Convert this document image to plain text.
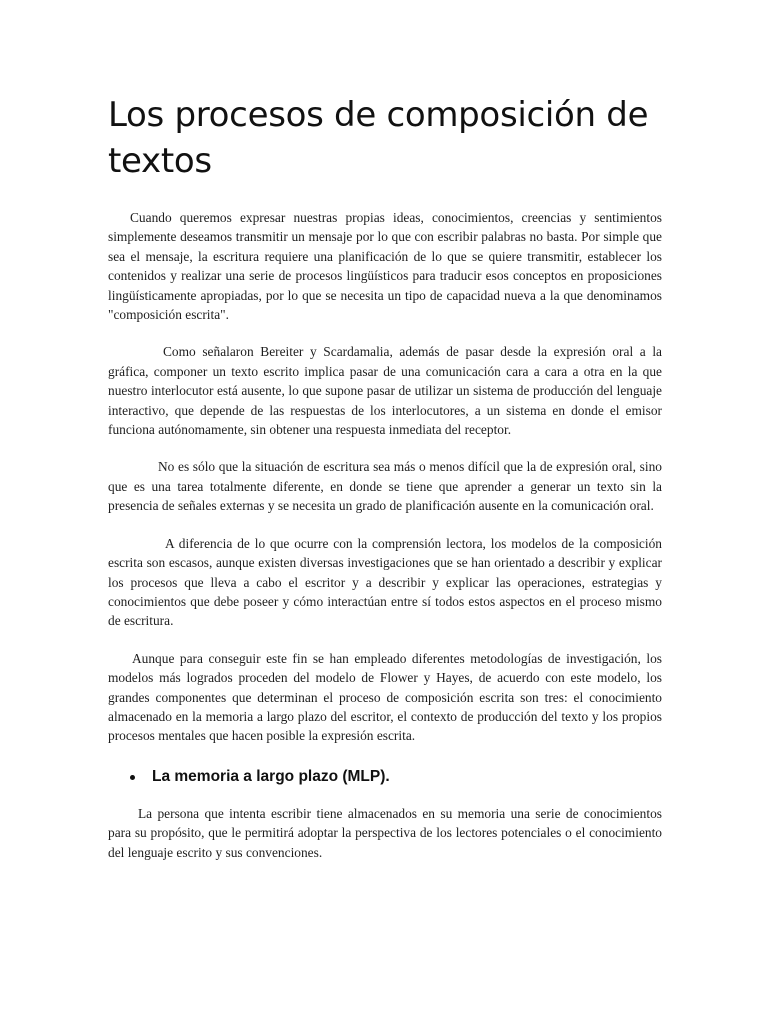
Los procesos de composición de textos

Cuando queremos expresar nuestras propias ideas, conocimientos, creencias y sentimientos simplemente deseamos transmitir un mensaje por lo que con escribir palabras no basta. Por simple que sea el mensaje, la escritura requiere una planificación de lo que se quiere transmitir, establecer los contenidos y realizar una serie de procesos lingüísticos para traducir esos conceptos en proposiciones lingüísticamente apropiadas, por lo que se necesita un tipo de capacidad nueva a la que denominamos "composición escrita".

Como señalaron Bereiter y Scardamalia, además de pasar desde la expresión oral a la gráfica, componer un texto escrito implica pasar de una comunicación cara a cara a otra en la que nuestro interlocutor está ausente, lo que supone pasar de utilizar un sistema de producción del lenguaje interactivo, que depende de las respuestas de los interlocutores, a un sistema en donde el emisor funciona autónomamente, sin obtener una respuesta inmediata del receptor.

No es sólo que la situación de escritura sea más o menos difícil que la de expresión oral, sino que es una tarea totalmente diferente, en donde se tiene que aprender a generar un texto sin la presencia de señales externas y se necesita un grado de planificación ausente en la comunicación oral.

A diferencia de lo que ocurre con la comprensión lectora, los modelos de la composición escrita son escasos, aunque existen diversas investigaciones que se han orientado a describir y explicar los procesos que lleva a cabo el escritor y a describir y explicar las operaciones, estrategias y conocimientos que debe poseer y cómo interactúan entre sí todos estos aspectos en el proceso mismo de escritura.

Aunque para conseguir este fin se han empleado diferentes metodologías de investigación, los modelos más logrados proceden del modelo de Flower y Hayes, de acuerdo con este modelo, los grandes componentes que determinan el proceso de composición escrita son tres: el conocimiento almacenado en la memoria a largo plazo del escritor, el contexto de producción del texto y los propios procesos mentales que hacen posible la expresión escrita.

La memoria a largo plazo (MLP).

La persona que intenta escribir tiene almacenados en su memoria una serie de conocimientos para su propósito, que le permitirá adoptar la perspectiva de los lectores potenciales o el conocimiento del lenguaje escrito y sus convenciones.
